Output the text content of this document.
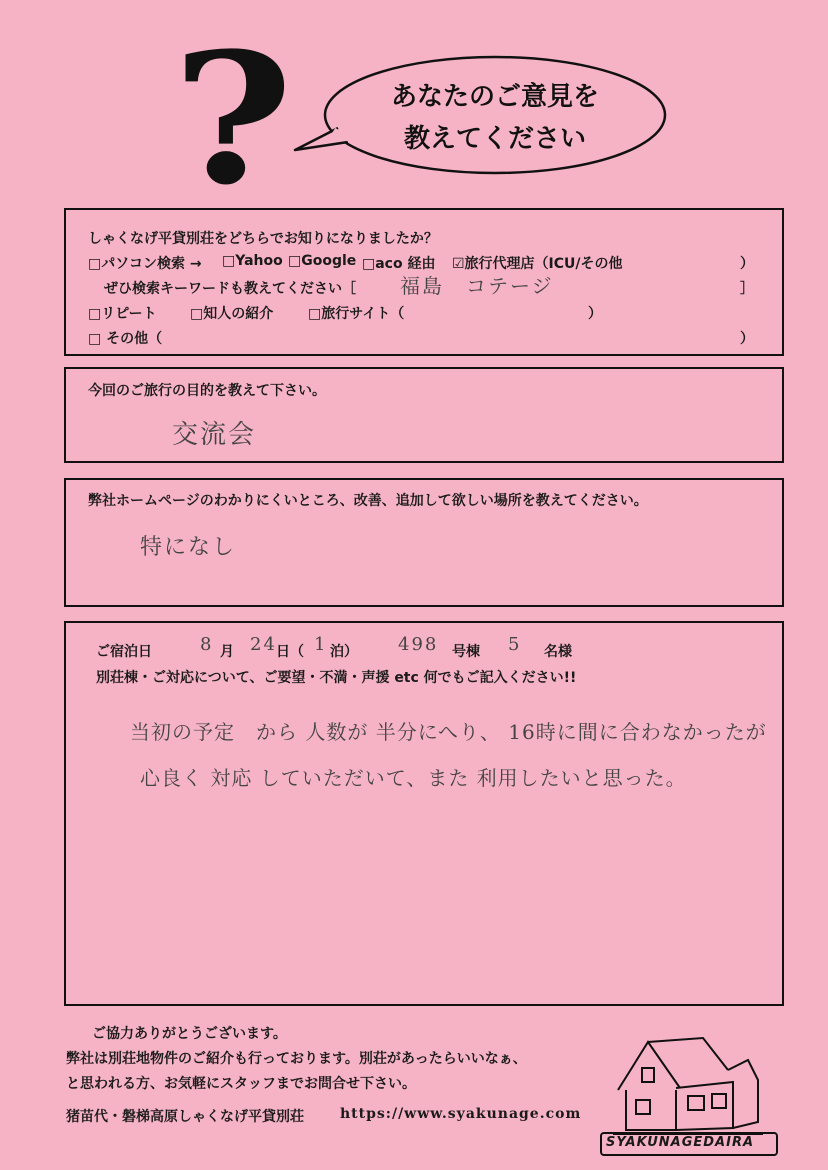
?	あなたのご意見を
教えてください
しゃくなげ平貸別荘をどちらでお知りになりましたか？
□パソコン検索 → □Yahoo □Google □aco 経由 ☑旅行代理店（ICU/その他	）
ぜひ検索キーワードも教えてください［ 福島　コテージ	］
□リピート □知人の紹介 □旅行サイト（	）
□ その他（	）
今回のご旅行の目的を教えて下さい。
交流会
弊社ホームページのわかりにくいところ、改善、追加して欲しい場所を教えてください。
特になし
ご宿泊日	8 月 24 日（ 1 泊） 498 号棟 5 名様
別荘棟・ご対応について、ご要望・不満・声援 etc 何でもご記入ください!!
当初の予定　から 人数が 半分にへり、 16時に間に合わなかったが
心良く 対応 していただいて、また 利用したいと思った。
ご協力ありがとうございます。
弊社は別荘地物件のご紹介も行っております。別荘があったらいいなぁ、
と思われる方、お気軽にスタッフまでお問合せ下さい。
猪苗代・磐梯高原しゃくなげ平貸別荘	https://www.syakunage.com
SYAKUNAGEDAIRA
